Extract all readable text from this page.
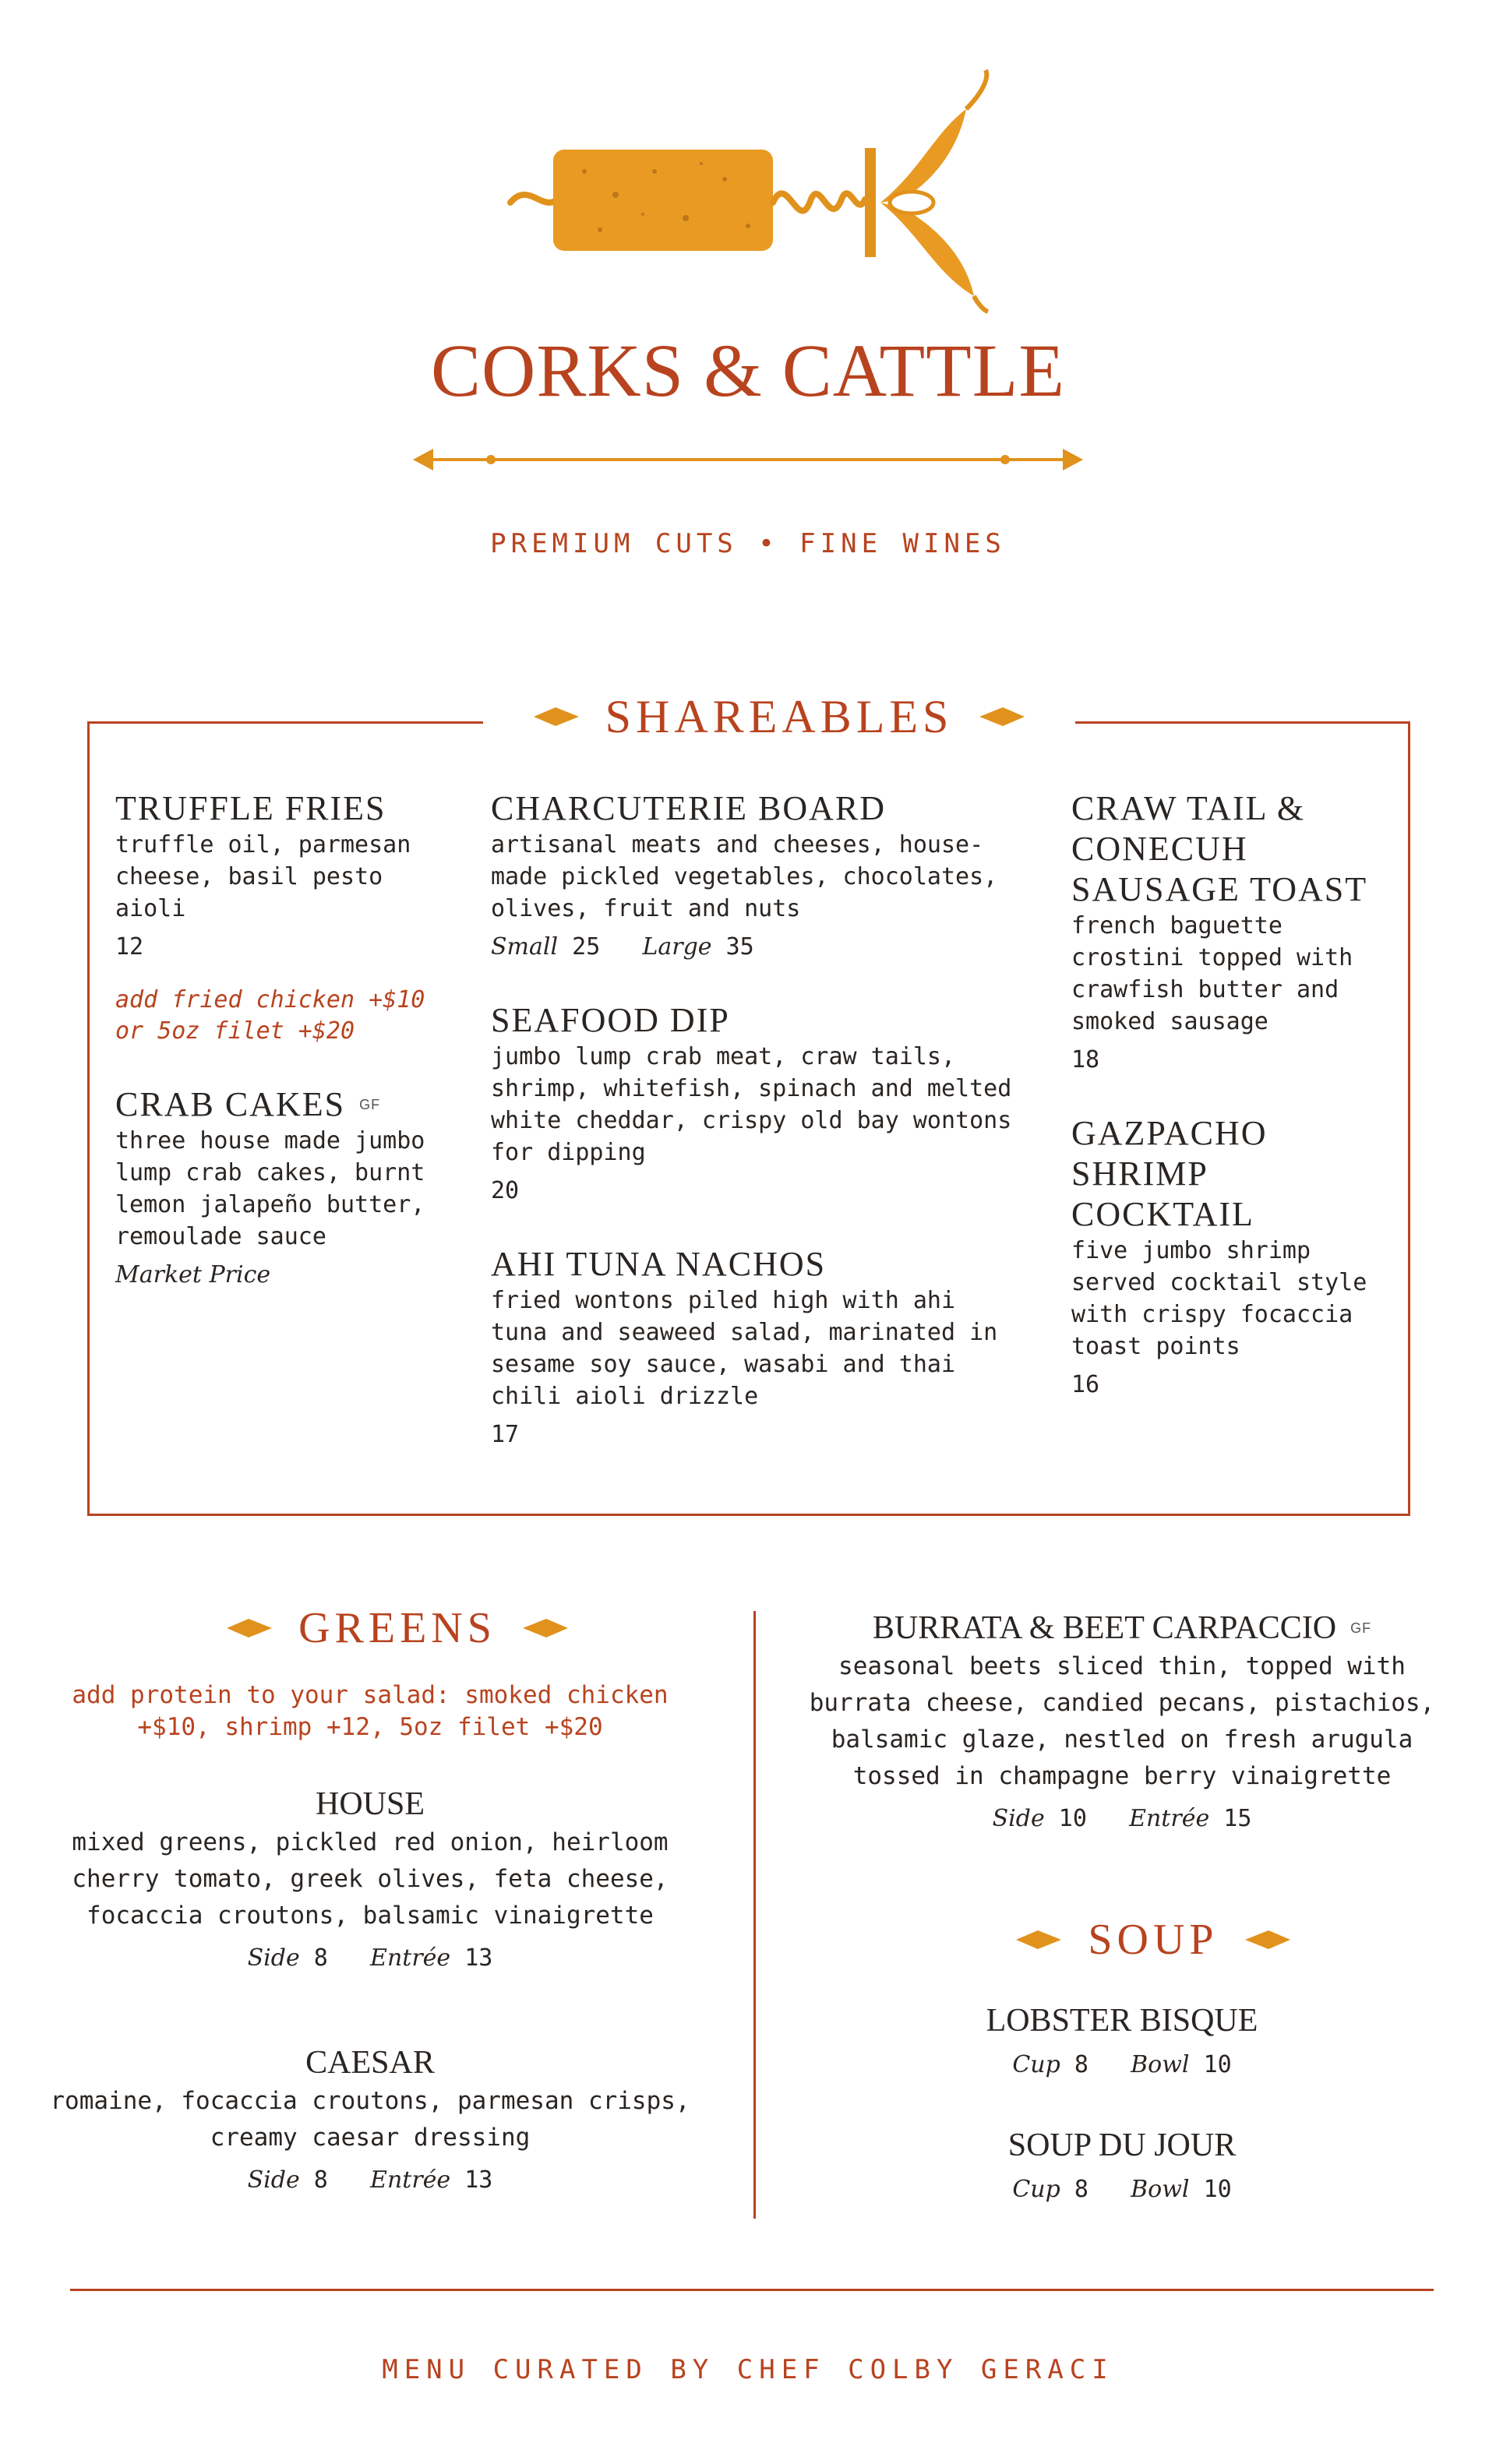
CORKS & CATTLE
PREMIUM CUTS • FINE WINES
SHAREABLES
TRUFFLE FRIES
truffle oil, parmesan cheese, basil pesto aioli
12
add fried chicken +$10 or 5oz filet +$20
CRAB CAKES $^{GF}$
three house made jumbo lump crab cakes, burnt lemon jalapeño butter, remoulade sauce
Market Price
CHARCUTERIE BOARD
artisanal meats and cheeses, house-made pickled vegetables, chocolates, olives, fruit and nuts
Small 25 Large 35
SEAFOOD DIP
jumbo lump crab meat, craw tails, shrimp, whitefish, spinach and melted white cheddar, crispy old bay wontons for dipping
20
AHI TUNA NACHOS
fried wontons piled high with ahi tuna and seaweed salad, marinated in sesame soy sauce, wasabi and thai chili aioli drizzle
17
CRAW TAIL & CONECUH SAUSAGE TOAST
french baguette crostini topped with crawfish butter and smoked sausage
18
GAZPACHO SHRIMP COCKTAIL
five jumbo shrimp served cocktail style with crispy focaccia toast points
16
GREENS
add protein to your salad: smoked chicken +$10, shrimp +12, 5oz filet +$20
HOUSE
mixed greens, pickled red onion, heirloom cherry tomato, greek olives, feta cheese, focaccia croutons, balsamic vinaigrette
Side 8 Entrée 13
CAESAR
romaine, focaccia croutons, parmesan crisps, creamy caesar dressing
Side 8 Entrée 13
BURRATA & BEET CARPACCIO $^{GF}$
seasonal beets sliced thin, topped with burrata cheese, candied pecans, pistachios, balsamic glaze, nestled on fresh arugula tossed in champagne berry vinaigrette
Side 10 Entrée 15
SOUP
LOBSTER BISQUE
Cup 8 Bowl 10
SOUP DU JOUR
Cup 8 Bowl 10
MENU CURATED BY CHEF COLBY GERACI
